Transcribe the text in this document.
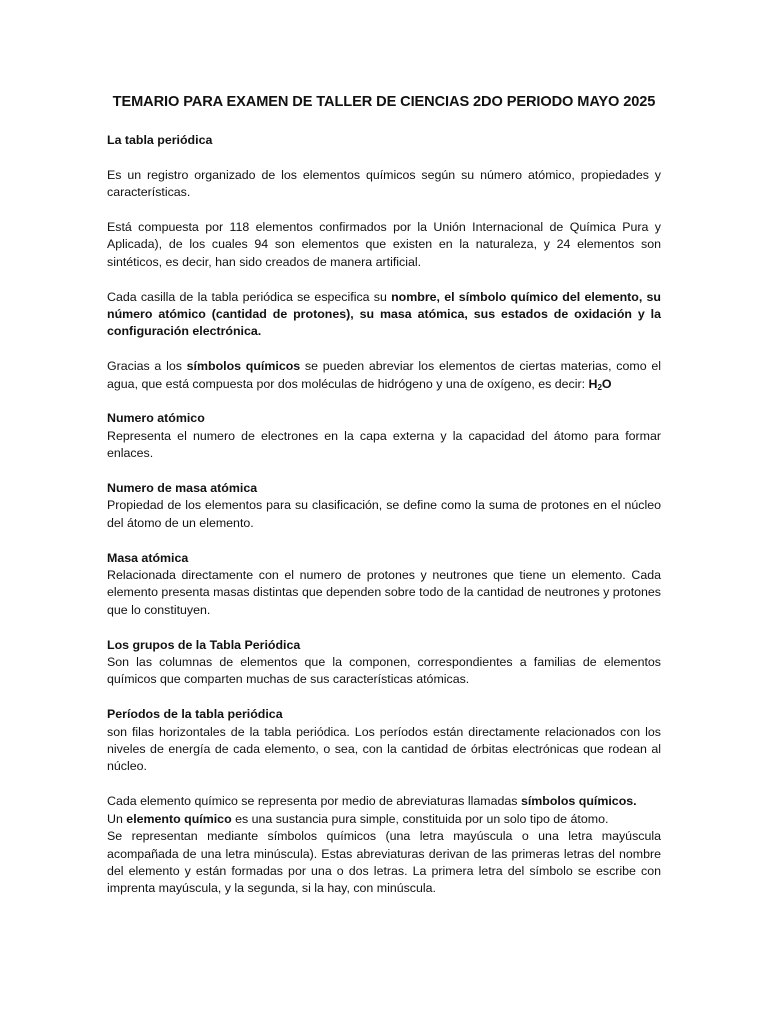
TEMARIO PARA EXAMEN DE TALLER DE CIENCIAS 2DO PERIODO MAYO 2025

La tabla periódica

Es un registro organizado de los elementos químicos según su número atómico, propiedades y características.

Está compuesta por 118 elementos confirmados por la Unión Internacional de Química Pura y Aplicada), de los cuales 94 son elementos que existen en la naturaleza, y 24 elementos son sintéticos, es decir, han sido creados de manera artificial.

Cada casilla de la tabla periódica se especifica su nombre, el símbolo químico del elemento, su número atómico (cantidad de protones), su masa atómica, sus estados de oxidación y la configuración electrónica.

Gracias a los símbolos químicos se pueden abreviar los elementos de ciertas materias, como el agua, que está compuesta por dos moléculas de hidrógeno y una de oxígeno, es decir: $H_2O$

Numero atómico
Representa el numero de electrones en la capa externa y la capacidad del átomo para formar enlaces.

Numero de masa atómica
Propiedad de los elementos para su clasificación, se define como la suma de protones en el núcleo del átomo de un elemento.

Masa atómica
Relacionada directamente con el numero de protones y neutrones que tiene un elemento. Cada elemento presenta masas distintas que dependen sobre todo de la cantidad de neutrones y protones que lo constituyen.

Los grupos de la Tabla Periódica
Son las columnas de elementos que la componen, correspondientes a familias de elementos químicos que comparten muchas de sus características atómicas.

Períodos de la tabla periódica
son filas horizontales de la tabla periódica. Los períodos están directamente relacionados con los niveles de energía de cada elemento, o sea, con la cantidad de órbitas electrónicas que rodean al núcleo.

Cada elemento químico se representa por medio de abreviaturas llamadas símbolos químicos.

Un elemento químico es una sustancia pura simple, constituida por un solo tipo de átomo.

Se representan mediante símbolos químicos (una letra mayúscula o una letra mayúscula acompañada de una letra minúscula). Estas abreviaturas derivan de las primeras letras del nombre del elemento y están formadas por una o dos letras. La primera letra del símbolo se escribe con imprenta mayúscula, y la segunda, si la hay, con minúscula.
